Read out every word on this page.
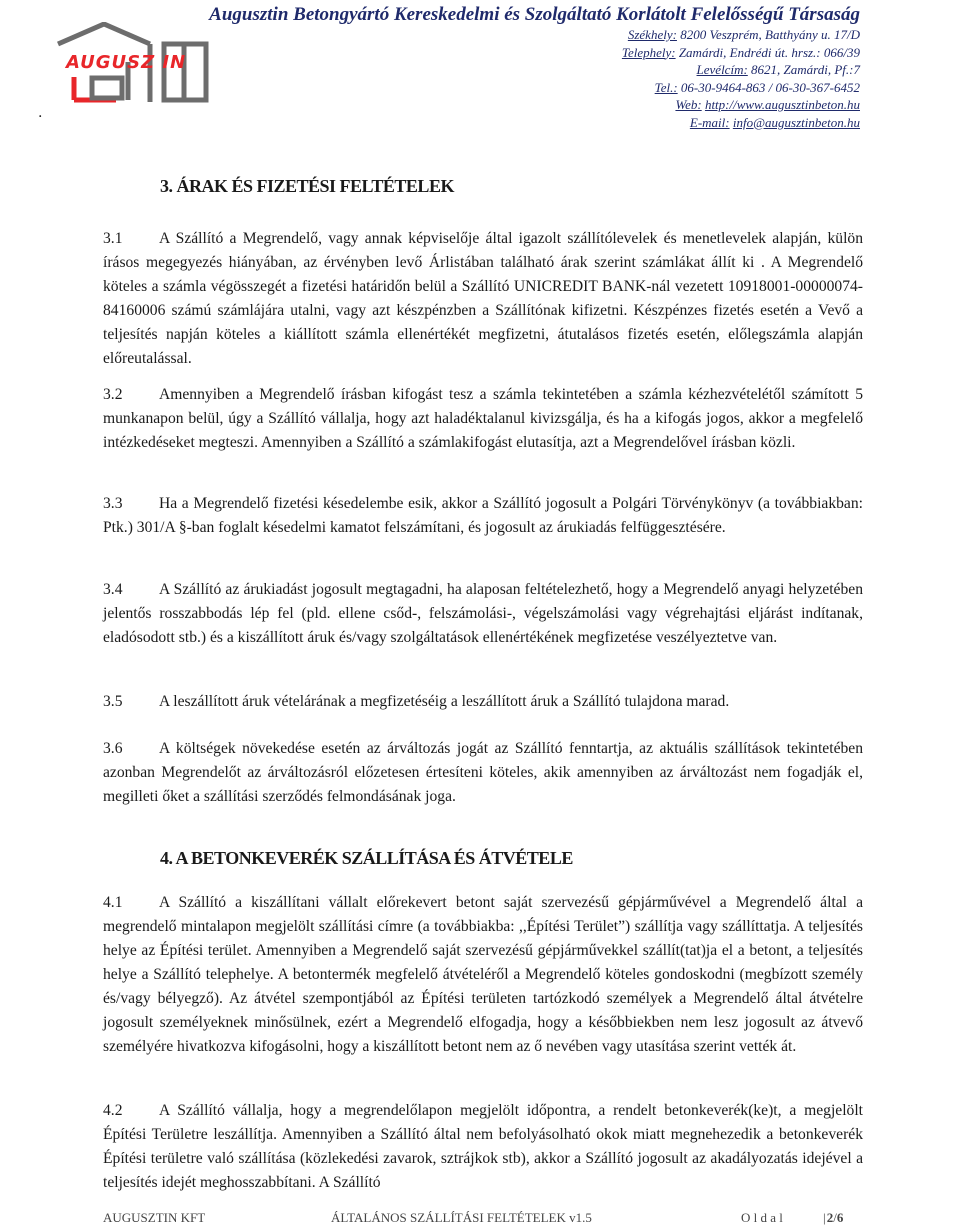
AUGUSZ IN
.
Augusztin Betongyártó Kereskedelmi és Szolgáltató Korlátolt Felelősségű Társaság
Székhely: 8200 Veszprém, Batthyány u. 17/D
Telephely: Zamárdi, Endrédi út. hrsz.: 066/39
Levélcím: 8621, Zamárdi, Pf.:7
Tel.: 06-30-9464-863 / 06-30-367-6452
Web: http://www.augusztinbeton.hu
E-mail: info@augusztinbeton.hu
3. ÁRAK ÉS FIZETÉSI FELTÉTELEK
3.1 A Szállító a Megrendelő, vagy annak képviselője által igazolt szállítólevelek és menetlevelek alapján, külön írásos megegyezés hiányában, az érvényben levő Árlistában található árak szerint számlákat állít ki . A Megrendelő köteles a számla végösszegét a fizetési határidőn belül a Szállító UNICREDIT BANK-nál vezetett 10918001-00000074-84160006 számú számlájára utalni, vagy azt készpénzben a Szállítónak kifizetni. Készpénzes fizetés esetén a Vevő a teljesítés napján köteles a kiállított számla ellenértékét megfizetni, átutalásos fizetés esetén, előlegszámla alapján előreutalással.
3.2 Amennyiben a Megrendelő írásban kifogást tesz a számla tekintetében a számla kézhezvételétől számított 5 munkanapon belül, úgy a Szállító vállalja, hogy azt haladéktalanul kivizsgálja, és ha a kifogás jogos, akkor a megfelelő intézkedéseket megteszi. Amennyiben a Szállító a számlakifogást elutasítja, azt a Megrendelővel írásban közli.
3.3 Ha a Megrendelő fizetési késedelembe esik, akkor a Szállító jogosult a Polgári Törvénykönyv (a továbbiakban: Ptk.) 301/A §-ban foglalt késedelmi kamatot felszámítani, és jogosult az árukiadás felfüggesztésére.
3.4 A Szállító az árukiadást jogosult megtagadni, ha alaposan feltételezhető, hogy a Megrendelő anyagi helyzetében jelentős rosszabbodás lép fel (pld. ellene csőd-, felszámolási-, végelszámolási vagy végrehajtási eljárást indítanak, eladósodott stb.) és a kiszállított áruk és/vagy szolgáltatások ellenértékének megfizetése veszélyeztetve van.
3.5 A leszállított áruk vételárának a megfizetéséig a leszállított áruk a Szállító tulajdona marad.
3.6 A költségek növekedése esetén az árváltozás jogát az Szállító fenntartja, az aktuális szállítások tekintetében azonban Megrendelőt az árváltozásról előzetesen értesíteni köteles, akik amennyiben az árváltozást nem fogadják el, megilleti őket a szállítási szerződés felmondásának joga.
4. A BETONKEVERÉK SZÁLLÍTÁSA ÉS ÁTVÉTELE
4.1 A Szállító a kiszállítani vállalt előrekevert betont saját szervezésű gépjárművével a Megrendelő által a megrendelő mintalapon megjelölt szállítási címre (a továbbiakba: ,,Építési Terület”) szállítja vagy szállíttatja. A teljesítés helye az Építési terület. Amennyiben a Megrendelő saját szervezésű gépjárművekkel szállít(tat)ja el a betont, a teljesítés helye a Szállító telephelye. A betontermék megfelelő átvételéről a Megrendelő köteles gondoskodni (megbízott személy és/vagy bélyegző). Az átvétel szempontjából az Építési területen tartózkodó személyek a Megrendelő által átvételre jogosult személyeknek minősülnek, ezért a Megrendelő elfogadja, hogy a későbbiekben nem lesz jogosult az átvevő személyére hivatkozva kifogásolni, hogy a kiszállított betont nem az ő nevében vagy utasítása szerint vették át.
4.2 A Szállító vállalja, hogy a megrendelőlapon megjelölt időpontra, a rendelt betonkeverék(ke)t, a megjelölt Építési Területre leszállítja. Amennyiben a Szállító által nem befolyásolható okok miatt megnehezedik a betonkeverék Építési területre való szállítása (közlekedési zavarok, sztrájkok stb), akkor a Szállító jogosult az akadályozatás idejével a teljesítés idejét meghosszabbítani. A Szállító
AUGUSZTIN KFT	ÁLTALÁNOS SZÁLLÍTÁSI FELTÉTELEK v1.5	O l d a l	| 2/6
